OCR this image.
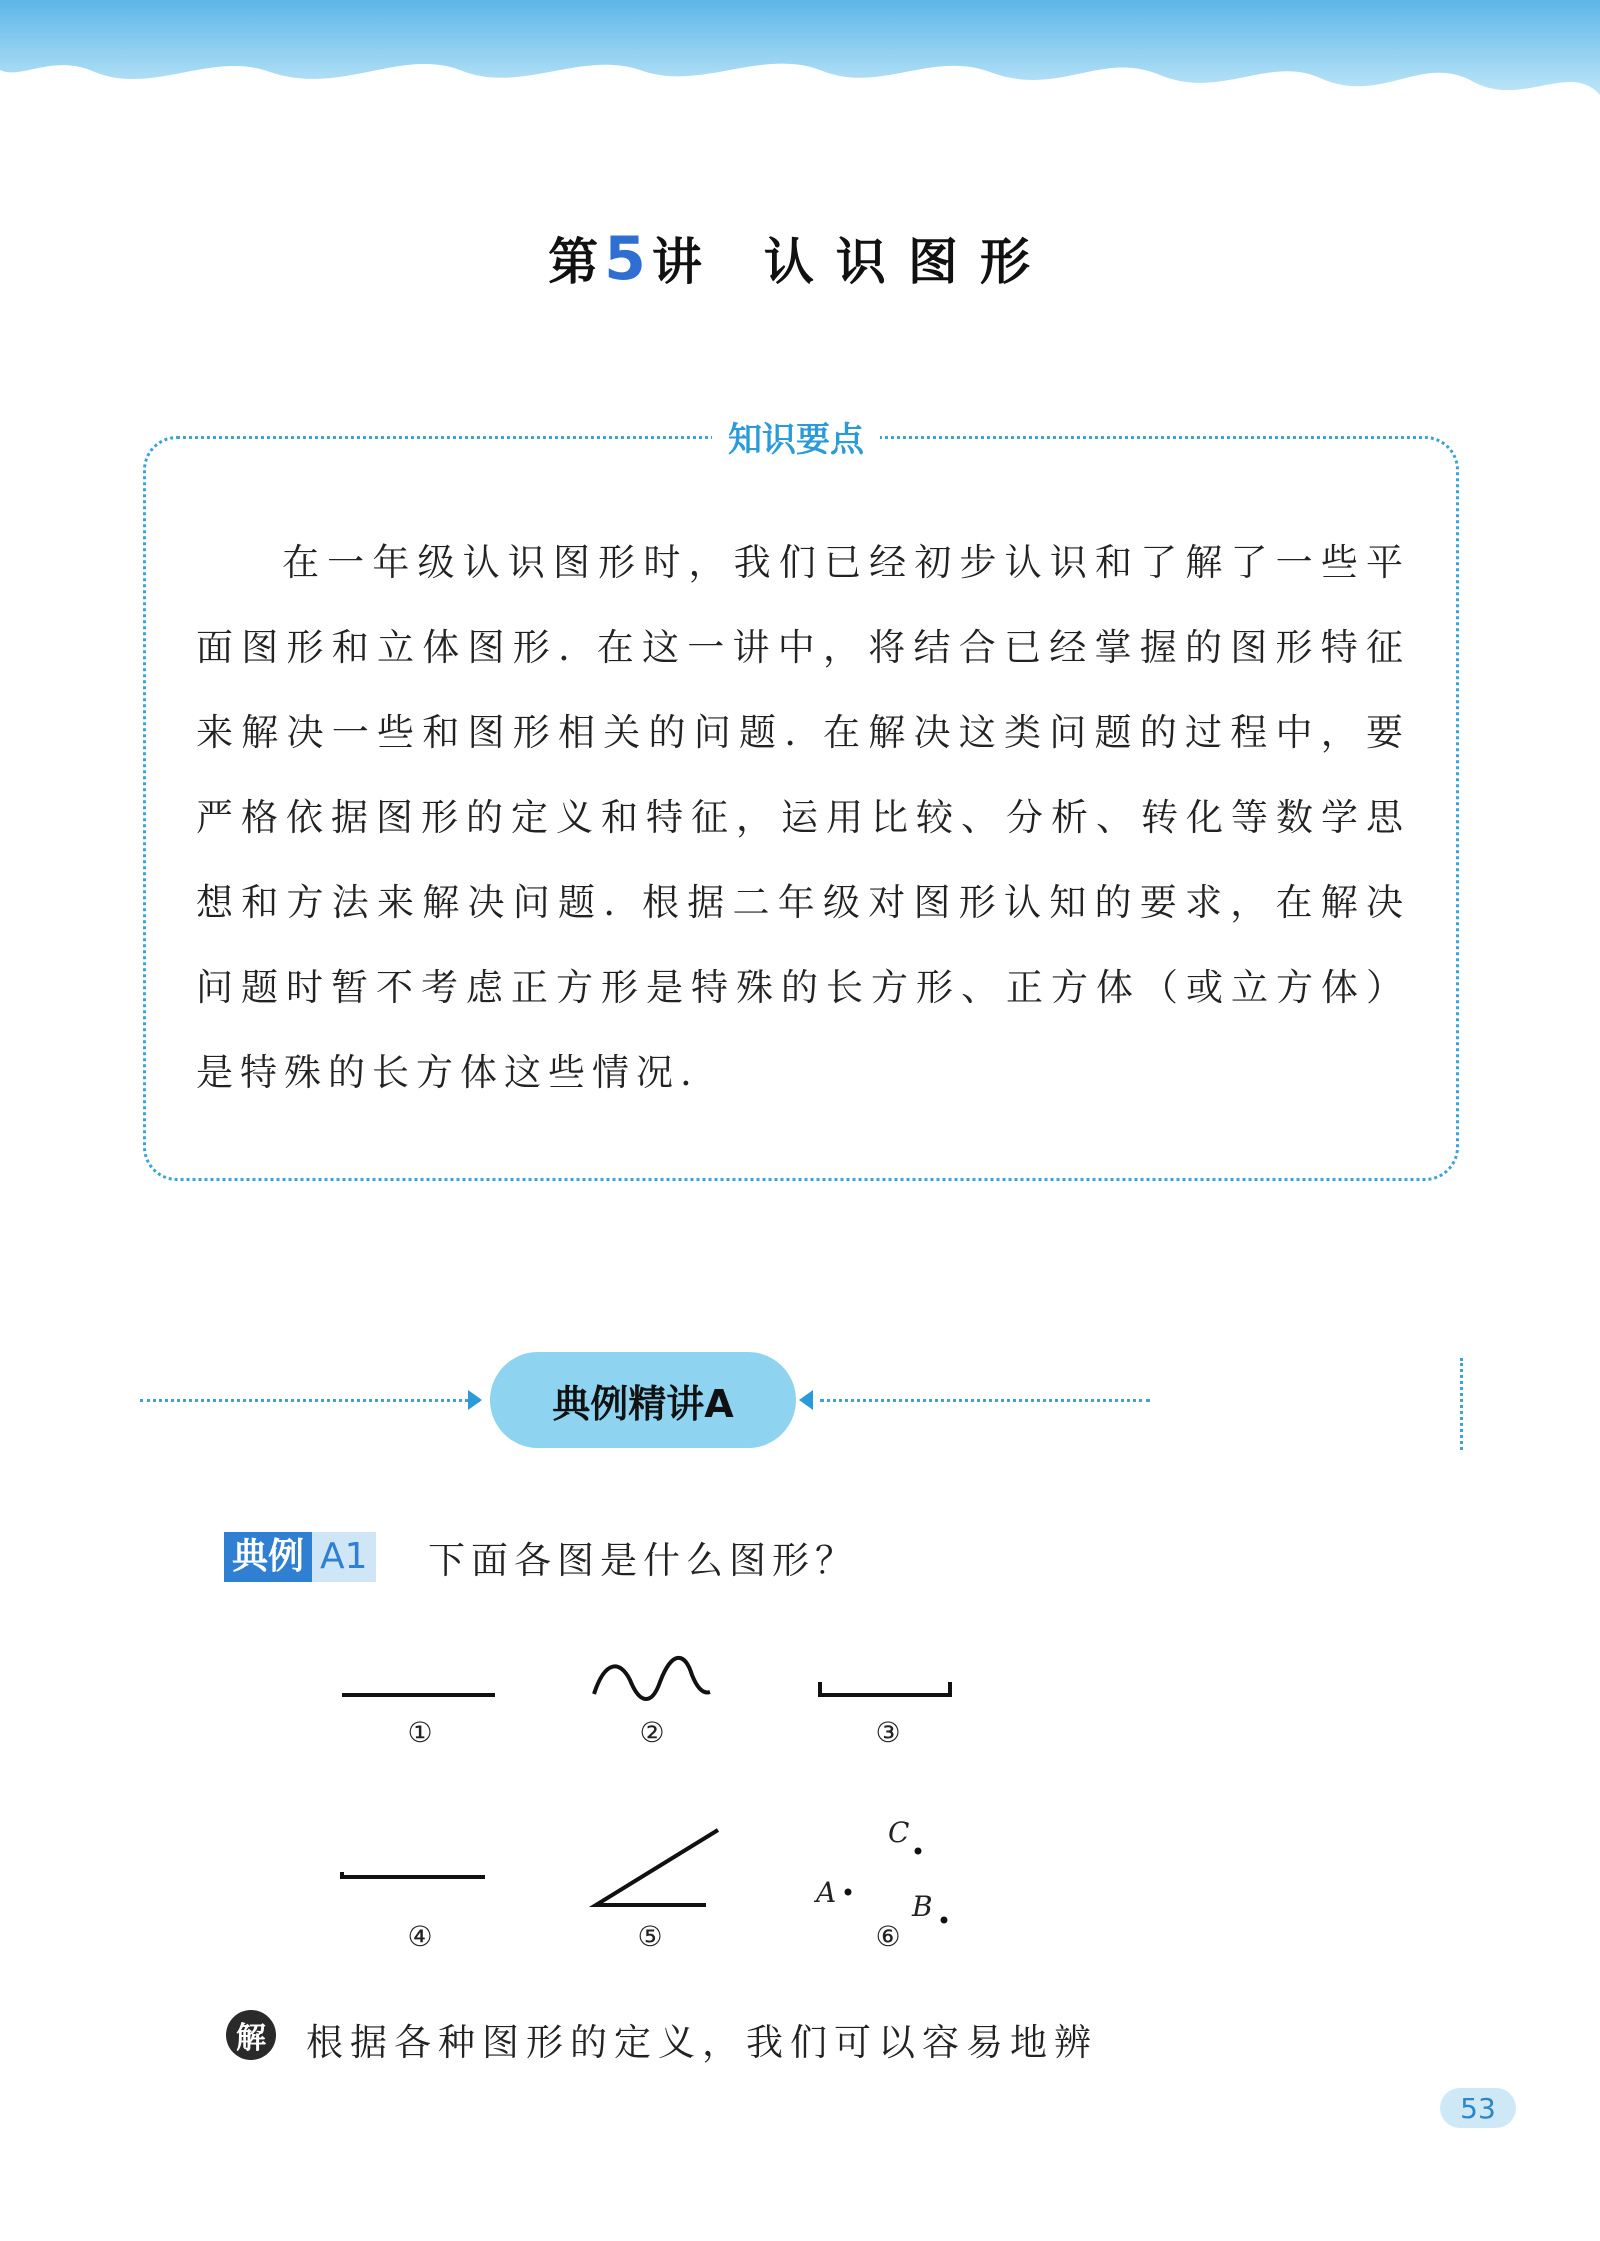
第5讲 认识图形
知识要点
在一年级认识图形时，我们已经初步认识和了解了一些平面图形和立体图形. 在这一讲中，将结合已经掌握的图形特征来解决一些和图形相关的问题. 在解决这类问题的过程中，要严格依据图形的定义和特征，运用比较、分析、转化等数学思想和方法来解决问题. 根据二年级对图形认知的要求，在解决问题时暂不考虑正方形是特殊的长方形、正方体（或立方体）是特殊的长方体这些情况.
典例精讲A
典例 A1 下面各图是什么图形？
①	②	③
A	B
C
④	⑤	⑥
解 根据各种图形的定义，我们可以容易地辨
53
